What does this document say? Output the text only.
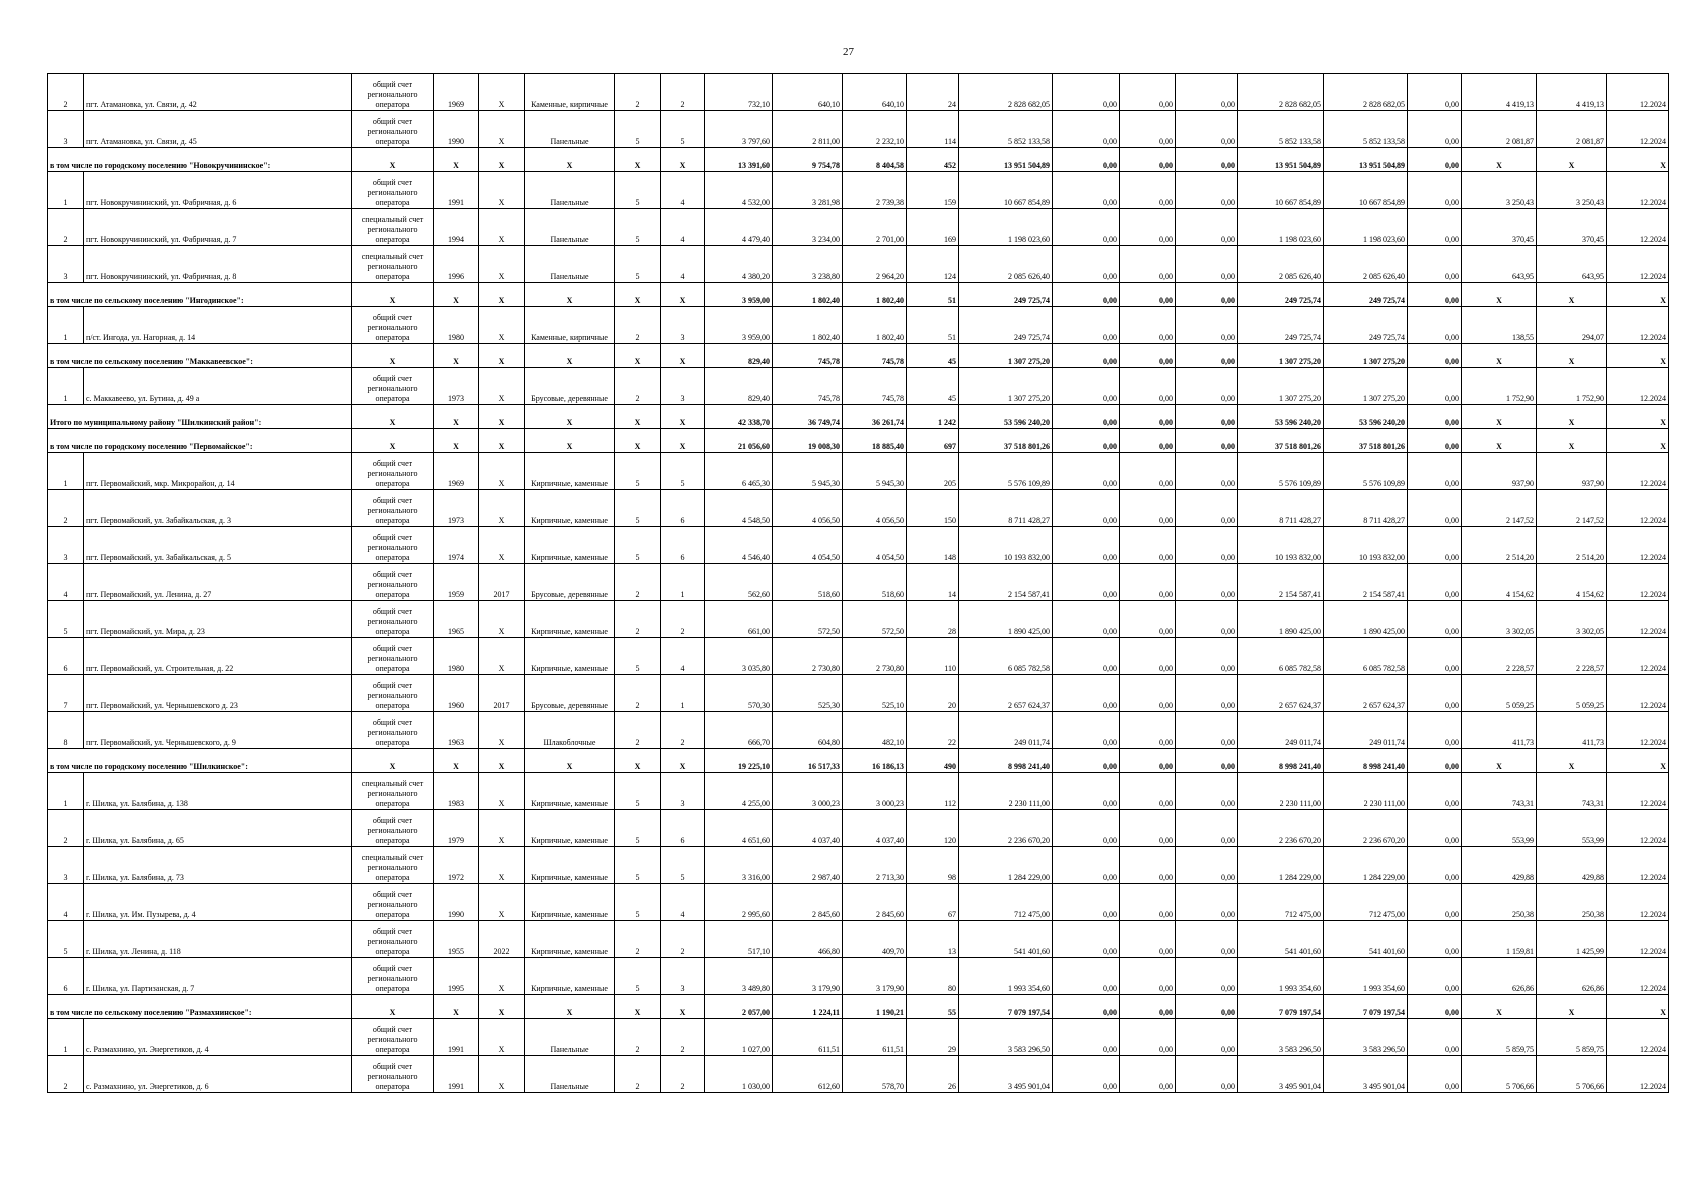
27
2	пгт. Атамановка, ул. Связи, д. 42	общий счет регионального оператора	1969	X	Каменные, кирпичные	2	2	732,10	640,10	640,10	24	2 828 682,05	0,00	0,00	0,00	2 828 682,05	2 828 682,05	0,00	4 419,13	4 419,13	12.2024
3	пгт. Атамановка, ул. Связи, д. 45	общий счет регионального оператора	1990	X	Панельные	5	5	3 797,60	2 811,00	2 232,10	114	5 852 133,58	0,00	0,00	0,00	5 852 133,58	5 852 133,58	0,00	2 081,87	2 081,87	12.2024
в том числе по городскому поселению "Новокручининское":		X	X	X	X	X	X	13 391,60	9 754,78	8 404,58	452	13 951 504,89	0,00	0,00	0,00	13 951 504,89	13 951 504,89	0,00	X	X	X
1	пгт. Новокручининский, ул. Фабричная, д. 6	общий счет регионального оператора	1991	X	Панельные	5	4	4 532,00	3 281,98	2 739,38	159	10 667 854,89	0,00	0,00	0,00	10 667 854,89	10 667 854,89	0,00	3 250,43	3 250,43	12.2024
2	пгт. Новокручининский, ул. Фабричная, д. 7	специальный счет регионального оператора	1994	X	Панельные	5	4	4 479,40	3 234,00	2 701,00	169	1 198 023,60	0,00	0,00	0,00	1 198 023,60	1 198 023,60	0,00	370,45	370,45	12.2024
3	пгт. Новокручининский, ул. Фабричная, д. 8	специальный счет регионального оператора	1996	X	Панельные	5	4	4 380,20	3 238,80	2 964,20	124	2 085 626,40	0,00	0,00	0,00	2 085 626,40	2 085 626,40	0,00	643,95	643,95	12.2024
в том числе по сельскому поселению "Ингодинское":		X	X	X	X	X	X	3 959,00	1 802,40	1 802,40	51	249 725,74	0,00	0,00	0,00	249 725,74	249 725,74	0,00	X	X	X
1	п/ст. Ингода, ул. Нагорная, д. 14	общий счет регионального оператора	1980	X	Каменные, кирпичные	2	3	3 959,00	1 802,40	1 802,40	51	249 725,74	0,00	0,00	0,00	249 725,74	249 725,74	0,00	138,55	294,07	12.2024
в том числе по сельскому поселению "Маккавеевское":		X	X	X	X	X	X	829,40	745,78	745,78	45	1 307 275,20	0,00	0,00	0,00	1 307 275,20	1 307 275,20	0,00	X	X	X
1	с. Маккавеево, ул. Бутина, д. 49 а	общий счет регионального оператора	1973	X	Брусовые, деревянные	2	3	829,40	745,78	745,78	45	1 307 275,20	0,00	0,00	0,00	1 307 275,20	1 307 275,20	0,00	1 752,90	1 752,90	12.2024
Итого по муниципальному району "Шилкинский район":		X	X	X	X	X	X	42 338,70	36 749,74	36 261,74	1 242	53 596 240,20	0,00	0,00	0,00	53 596 240,20	53 596 240,20	0,00	X	X	X
в том числе по городскому поселению "Первомайское":		X	X	X	X	X	X	21 056,60	19 008,30	18 885,40	697	37 518 801,26	0,00	0,00	0,00	37 518 801,26	37 518 801,26	0,00	X	X	X
1	пгт. Первомайский, мкр. Микрорайон, д. 14	общий счет регионального оператора	1969	X	Кирпичные, каменные	5	5	6 465,30	5 945,30	5 945,30	205	5 576 109,89	0,00	0,00	0,00	5 576 109,89	5 576 109,89	0,00	937,90	937,90	12.2024
2	пгт. Первомайский, ул. Забайкальская, д. 3	общий счет регионального оператора	1973	X	Кирпичные, каменные	5	6	4 548,50	4 056,50	4 056,50	150	8 711 428,27	0,00	0,00	0,00	8 711 428,27	8 711 428,27	0,00	2 147,52	2 147,52	12.2024
3	пгт. Первомайский, ул. Забайкальская, д. 5	общий счет регионального оператора	1974	X	Кирпичные, каменные	5	6	4 546,40	4 054,50	4 054,50	148	10 193 832,00	0,00	0,00	0,00	10 193 832,00	10 193 832,00	0,00	2 514,20	2 514,20	12.2024
4	пгт. Первомайский, ул. Ленина, д. 27	общий счет регионального оператора	1959	2017	Брусовые, деревянные	2	1	562,60	518,60	518,60	14	2 154 587,41	0,00	0,00	0,00	2 154 587,41	2 154 587,41	0,00	4 154,62	4 154,62	12.2024
5	пгт. Первомайский, ул. Мира, д. 23	общий счет регионального оператора	1965	X	Кирпичные, каменные	2	2	661,00	572,50	572,50	28	1 890 425,00	0,00	0,00	0,00	1 890 425,00	1 890 425,00	0,00	3 302,05	3 302,05	12.2024
6	пгт. Первомайский, ул. Строительная, д. 22	общий счет регионального оператора	1980	X	Кирпичные, каменные	5	4	3 035,80	2 730,80	2 730,80	110	6 085 782,58	0,00	0,00	0,00	6 085 782,58	6 085 782,58	0,00	2 228,57	2 228,57	12.2024
7	пгт. Первомайский, ул. Чернышевского д. 23	общий счет регионального оператора	1960	2017	Брусовые, деревянные	2	1	570,30	525,30	525,10	20	2 657 624,37	0,00	0,00	0,00	2 657 624,37	2 657 624,37	0,00	5 059,25	5 059,25	12.2024
8	пгт. Первомайский, ул. Чернышевского, д. 9	общий счет регионального оператора	1963	X	Шлакоблочные	2	2	666,70	604,80	482,10	22	249 011,74	0,00	0,00	0,00	249 011,74	249 011,74	0,00	411,73	411,73	12.2024
в том числе по городскому поселению "Шилкинское":		X	X	X	X	X	X	19 225,10	16 517,33	16 186,13	490	8 998 241,40	0,00	0,00	0,00	8 998 241,40	8 998 241,40	0,00	X	X	X
1	г. Шилка, ул. Балябина, д. 138	специальный счет регионального оператора	1983	X	Кирпичные, каменные	5	3	4 255,00	3 000,23	3 000,23	112	2 230 111,00	0,00	0,00	0,00	2 230 111,00	2 230 111,00	0,00	743,31	743,31	12.2024
2	г. Шилка, ул. Балябина, д. 65	общий счет регионального оператора	1979	X	Кирпичные, каменные	5	6	4 651,60	4 037,40	4 037,40	120	2 236 670,20	0,00	0,00	0,00	2 236 670,20	2 236 670,20	0,00	553,99	553,99	12.2024
3	г. Шилка, ул. Балябина, д. 73	специальный счет регионального оператора	1972	X	Кирпичные, каменные	5	5	3 316,00	2 987,40	2 713,30	98	1 284 229,00	0,00	0,00	0,00	1 284 229,00	1 284 229,00	0,00	429,88	429,88	12.2024
4	г. Шилка, ул. Им. Пузырева, д. 4	общий счет регионального оператора	1990	X	Кирпичные, каменные	5	4	2 995,60	2 845,60	2 845,60	67	712 475,00	0,00	0,00	0,00	712 475,00	712 475,00	0,00	250,38	250,38	12.2024
5	г. Шилка, ул. Ленина, д. 118	общий счет регионального оператора	1955	2022	Кирпичные, каменные	2	2	517,10	466,80	409,70	13	541 401,60	0,00	0,00	0,00	541 401,60	541 401,60	0,00	1 159,81	1 425,99	12.2024
6	г. Шилка, ул. Партизанская, д. 7	общий счет регионального оператора	1995	X	Кирпичные, каменные	5	3	3 489,80	3 179,90	3 179,90	80	1 993 354,60	0,00	0,00	0,00	1 993 354,60	1 993 354,60	0,00	626,86	626,86	12.2024
в том числе по сельскому поселению "Размахнинское":		X	X	X	X	X	X	2 057,00	1 224,11	1 190,21	55	7 079 197,54	0,00	0,00	0,00	7 079 197,54	7 079 197,54	0,00	X	X	X
1	с. Размахнино, ул. Энергетиков, д. 4	общий счет регионального оператора	1991	X	Панельные	2	2	1 027,00	611,51	611,51	29	3 583 296,50	0,00	0,00	0,00	3 583 296,50	3 583 296,50	0,00	5 859,75	5 859,75	12.2024
2	с. Размахнино, ул. Энергетиков, д. 6	общий счет регионального оператора	1991	X	Панельные	2	2	1 030,00	612,60	578,70	26	3 495 901,04	0,00	0,00	0,00	3 495 901,04	3 495 901,04	0,00	5 706,66	5 706,66	12.2024
